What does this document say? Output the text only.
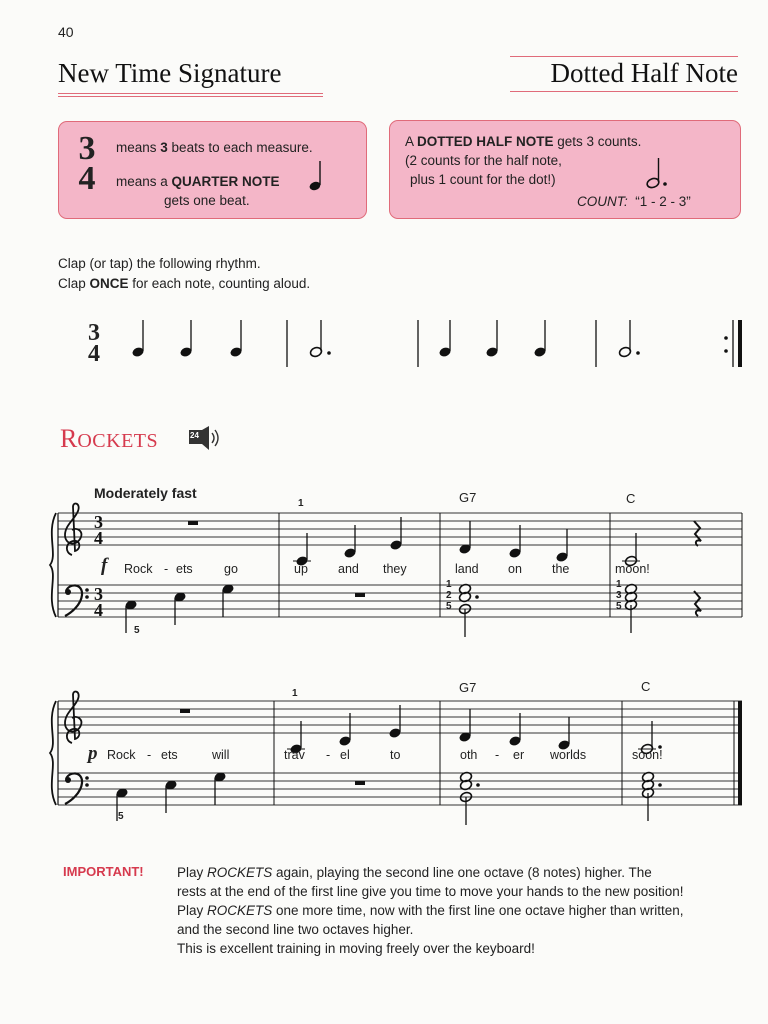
40
New Time Signature	Dotted Half Note
3
4
means 3 beats to each measure.
means a QUARTER NOTE
gets one beat.
A DOTTED HALF NOTE gets 3 counts.
(2 counts for the half note,
plus 1 count for the dot!)
COUNT: “1 - 2 - 3”
Clap (or tap) the following rhythm.
Clap ONCE for each note, counting aloud.
3
4
ROCKETS	24
Moderately fast
3
4
3
4
f Rock - ets	go	up and they	land on the	moon!
G7	C
1
5
1
2
5
1
3
5
p Rock - ets	will	trav - el	to	oth - er worlds	soon!
G7	C
1
5
IMPORTANT! Play ROCKETS again, playing the second line one octave (8 notes) higher. The
rests at the end of the first line give you time to move your hands to the new position!
Play ROCKETS one more time, now with the first line one octave higher than written,
and the second line two octaves higher.
This is excellent training in moving freely over the keyboard!
